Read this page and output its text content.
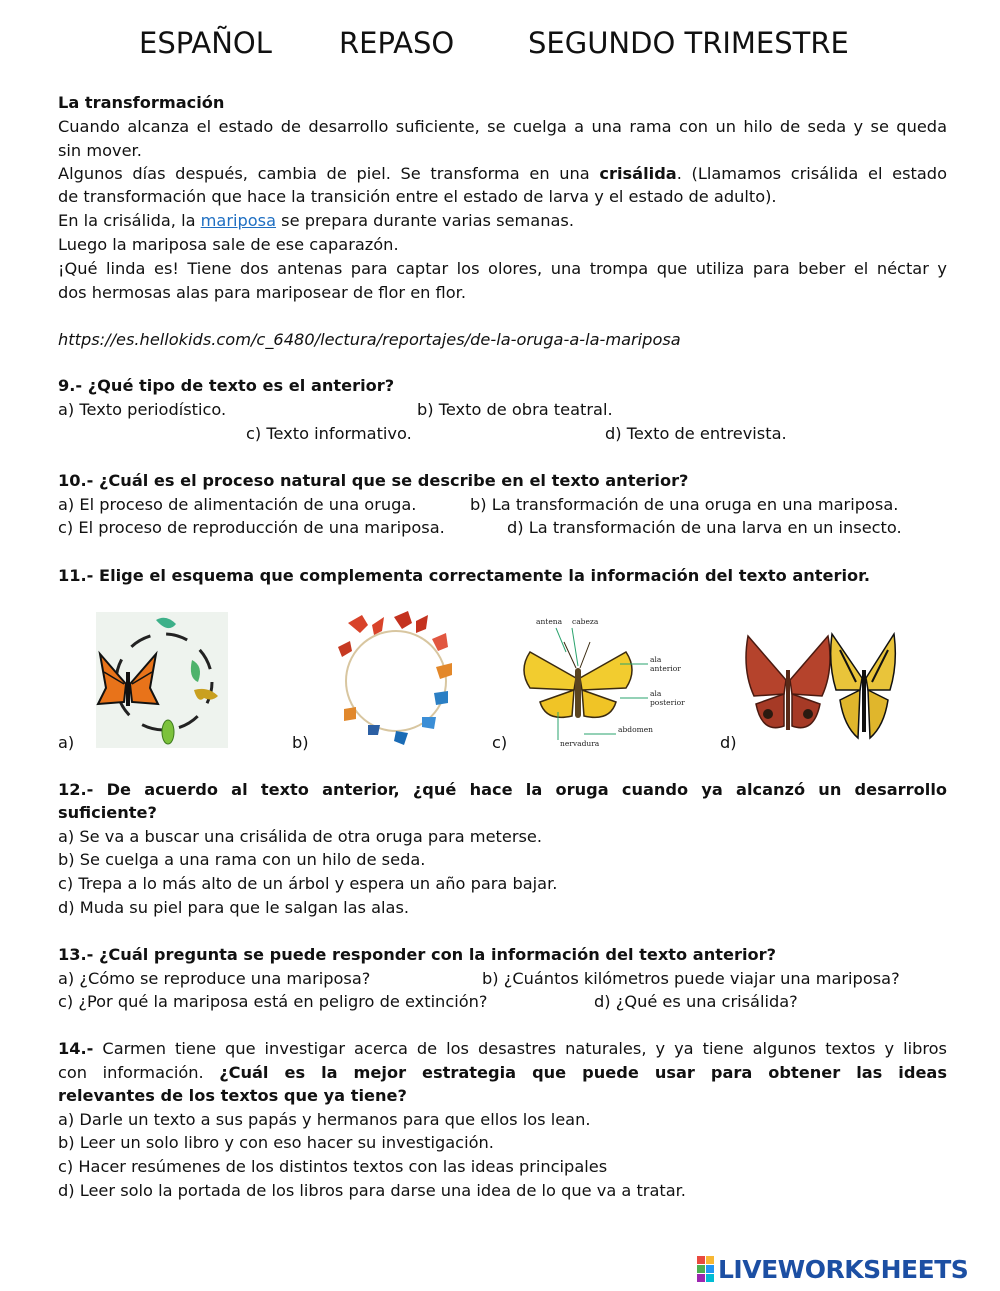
ESPAÑOL REPASO	SEGUNDO TRIMESTRE
La transformación
Cuando alcanza el estado de desarrollo suficiente, se cuelga a una rama con un hilo de seda y se queda
sin mover.
Algunos días después, cambia de piel. Se transforma en una crisálida. (Llamamos crisálida el estado
de transformación que hace la transición entre el estado de larva y el estado de adulto).
En la crisálida, la mariposa se prepara durante varias semanas.
Luego la mariposa sale de ese caparazón.
¡Qué linda es! Tiene dos antenas para captar los olores, una trompa que utiliza para beber el néctar y
dos hermosas alas para mariposear de flor en flor.
https://es.hellokids.com/c_6480/lectura/reportajes/de-la-oruga-a-la-mariposa
9.- ¿Qué tipo de texto es el anterior?
a) Texto periodístico.	b) Texto de obra teatral.
c) Texto informativo.	d) Texto de entrevista.
10.- ¿Cuál es el proceso natural que se describe en el texto anterior?
a) El proceso de alimentación de una oruga.	b) La transformación de una oruga en una mariposa.
c) El proceso de reproducción de una mariposa.	d) La transformación de una larva en un insecto.
11.- Elige el esquema que complementa correctamente la información del texto anterior.
a)	b)	c)	d)
antena cabeza
ala
anterior
ala
posterior
abdomen
nervadura
12.- De acuerdo al texto anterior, ¿qué hace la oruga cuando ya alcanzó un desarrollo
suficiente?
a) Se va a buscar una crisálida de otra oruga para meterse.
b) Se cuelga a una rama con un hilo de seda.
c) Trepa a lo más alto de un árbol y espera un año para bajar.
d) Muda su piel para que le salgan las alas.
13.- ¿Cuál pregunta se puede responder con la información del texto anterior?
a) ¿Cómo se reproduce una mariposa?	b) ¿Cuántos kilómetros puede viajar una mariposa?
c) ¿Por qué la mariposa está en peligro de extinción?	d) ¿Qué es una crisálida?
14.- Carmen tiene que investigar acerca de los desastres naturales, y ya tiene algunos textos y libros
con información. ¿Cuál es la mejor estrategia que puede usar para obtener las ideas
relevantes de los textos que ya tiene?
a) Darle un texto a sus papás y hermanos para que ellos los lean.
b) Leer un solo libro y con eso hacer su investigación.
c) Hacer resúmenes de los distintos textos con las ideas principales
d) Leer solo la portada de los libros para darse una idea de lo que va a tratar.
LIVEWORKSHEETS
